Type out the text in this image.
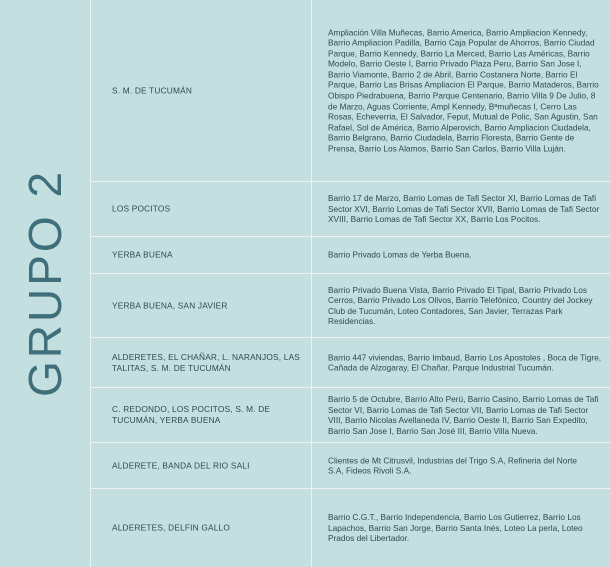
GRUPO 2
S. M. DE TUCUMÁN
Ampliación Villa Muñecas, Barrio America, Barrio Ampliacion Kennedy, Barrio Ampliacion Padilla, Barrio Caja Popular de Ahorros, Barrio Ciudad Parque, Barrio Kennedy, Barrio La Merced, Barrio Las Américas, Barrio Modelo, Barrio Oeste I, Barrio Privado Plaza Peru, Barrio San Jose I, Barrio Viamonte, Barrio 2 de Abril, Barrio Costanera Norte, Barrio El Parque, Barrio Las Brisas Ampliacion El Parque, Barrio Mataderos, Barrio Obispo Piedrabuena, Barrio Parque Centenario, Barrio Villa 9 De Julio, 8 de Marzo, Aguas Corriente, Ampl Kennedy, Bªmuñecas I, Cerro Las Rosas, Echeverria, El Salvador, Feput, Mutual de Polic, San Agustin, San Rafael, Sol de América, Barrio Alperovich, Barrio Ampliacion Ciudadela, Barrio Belgrano, Barrio Ciudadela, Barrio Floresta, Barrio Gente de Prensa, Barrio Los Alamos, Barrio San Carlos, Barrio Villa Luján.
LOS POCITOS
Barrio 17 de Marzo, Barrio Lomas de Tafi Sector XI, Barrio Lomas de Tafi Sector XVI, Barrio Lomas de Tafi Sector XVII, Barrio Lomas de Tafi Sector XVIII, Barrio Lomas de Tafi Sector XX, Barrio Los Pocitos.
YERBA BUENA	Barrio Privado Lomas de Yerba Buena.
YERBA BUENA, SAN JAVIER
Barrio Privado Buena Vista, Barrio Privado El Tipal, Barrio Privado Los Cerros, Barrio Privado Los Olivos, Barrio Telefónico, Country del Jockey Club de Tucumán, Loteo Contadores, San Javier, Terrazas Park Residencias.
ALDERETES, EL CHAÑAR, L. NARANJOS, LAS TALITAS, S. M. DE TUCUMÁN
Barrio 447 viviendas, Barrio Imbaud, Barrio Los Apostoles , Boca de Tigre, Cañada de Alzogaray, El Chañar, Parque Industrial Tucumán.
C. REDONDO, LOS POCITOS, S. M. DE TUCUMÁN, YERBA BUENA
Barrio 5 de Octubre, Barrio Alto Perú, Barrio Casino, Barrio Lomas de Tafi Sector VI, Barrio Lomas de Tafi Sector VII, Barrio Lomas de Tafi Sector VIII, Barrio Nicolas Avellaneda IV, Barrio Oeste II, Barrio San Expedito, Barrio San Jose I, Barrio San José III, Barrio Villa Nueva.
ALDERETE, BANDA DEL RIO SALI
Clientes de Mt Citrusvil, Industrias del Trigo S.A, Refineria del Norte S.A, Fideos Rivoli S.A.
ALDERETES, DELFIN GALLO
Barrio C.G.T., Barrio Independencia, Barrio Los Gutierrez, Barrio Los Lapachos, Barrio San Jorge, Barrio Santa Inés, Loteo La perla, Loteo Prados del Libertador.
